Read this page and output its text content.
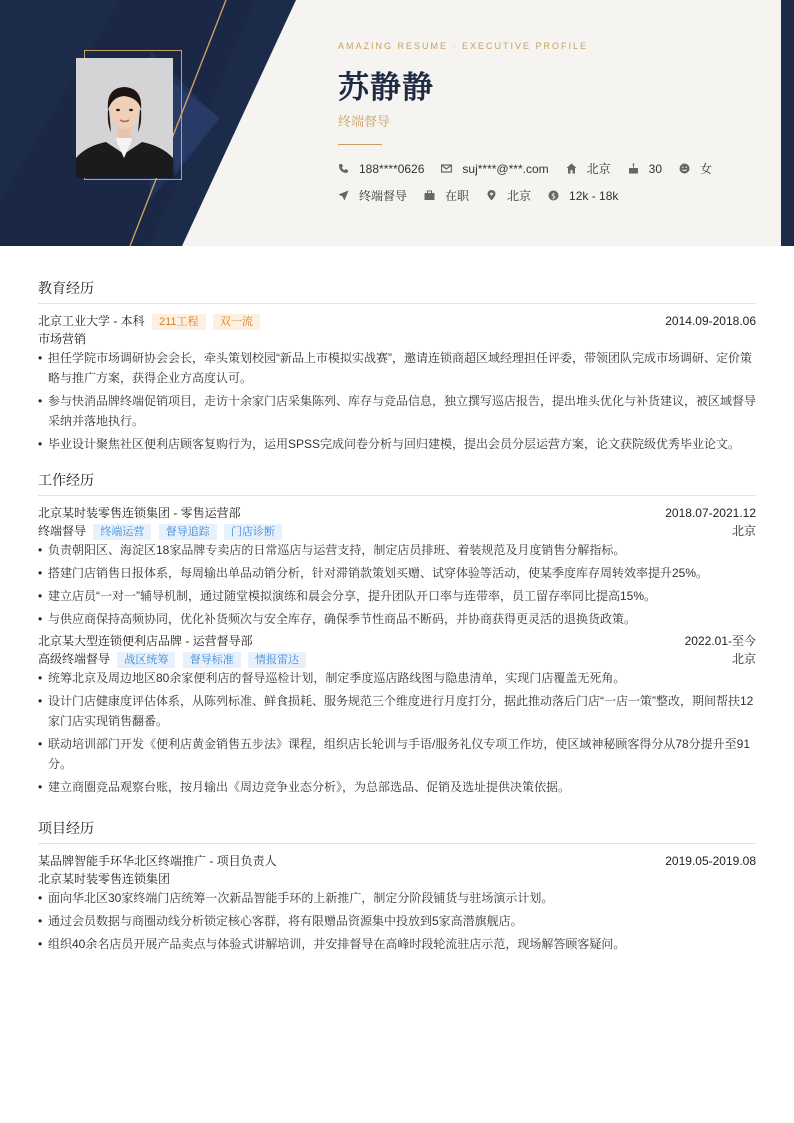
AMAZING RESUME · EXECUTIVE PROFILE
苏静静
终端督导
188****0626	suj****@***.com	北京	30	女
终端督导	在职	北京	$ 12k - 18k
教育经历
北京工业大学 - 本科 211工程 双一流	2014.09-2018.06
市场营销
• 担任学院市场调研协会会长，牵头策划校园“新品上市模拟实战赛”，邀请连锁商超区域经理担任评委，带领团队完成市场调研、定价策略与推广方案，获得企业方高度认可。
• 参与快消品牌终端促销项目，走访十余家门店采集陈列、库存与竞品信息，独立撰写巡店报告，提出堆头优化与补货建议，被区域督导采纳并落地执行。
• 毕业设计聚焦社区便利店顾客复购行为，运用SPSS完成问卷分析与回归建模，提出会员分层运营方案，论文获院级优秀毕业论文。
工作经历
北京某时装零售连锁集团 - 零售运营部	2018.07-2021.12
终端督导 终端运营 督导追踪 门店诊断	北京
• 负责朝阳区、海淀区18家品牌专卖店的日常巡店与运营支持，制定店员排班、着装规范及月度销售分解指标。
• 搭建门店销售日报体系，每周输出单品动销分析，针对滞销款策划买赠、试穿体验等活动，使某季度库存周转效率提升25%。
• 建立店员“一对一”辅导机制，通过随堂模拟演练和晨会分享，提升团队开口率与连带率，员工留存率同比提高15%。
• 与供应商保持高频协同，优化补货频次与安全库存，确保季节性商品不断码，并协商获得更灵活的退换货政策。
北京某大型连锁便利店品牌 - 运营督导部	2022.01-至今
高级终端督导 战区统筹 督导标准 情报雷达	北京
• 统筹北京及周边地区80余家便利店的督导巡检计划，制定季度巡店路线图与隐患清单，实现门店覆盖无死角。
• 设计门店健康度评估体系，从陈列标准、鲜食损耗、服务规范三个维度进行月度打分，据此推动落后门店“一店一策”整改，期间帮扶12家门店实现销售翻番。
• 联动培训部门开发《便利店黄金销售五步法》课程，组织店长轮训与手语/服务礼仪专项工作坊，使区域神秘顾客得分从78分提升至91分。
• 建立商圈竞品观察台账，按月输出《周边竞争业态分析》，为总部选品、促销及选址提供决策依据。
项目经历
某品牌智能手环华北区终端推广 - 项目负责人	2019.05-2019.08
北京某时装零售连锁集团
• 面向华北区30家终端门店统筹一次新品智能手环的上新推广，制定分阶段铺货与驻场演示计划。
• 通过会员数据与商圈动线分析锁定核心客群，将有限赠品资源集中投放到5家高潜旗舰店。
• 组织40余名店员开展产品卖点与体验式讲解培训，并安排督导在高峰时段轮流驻店示范，现场解答顾客疑问。
